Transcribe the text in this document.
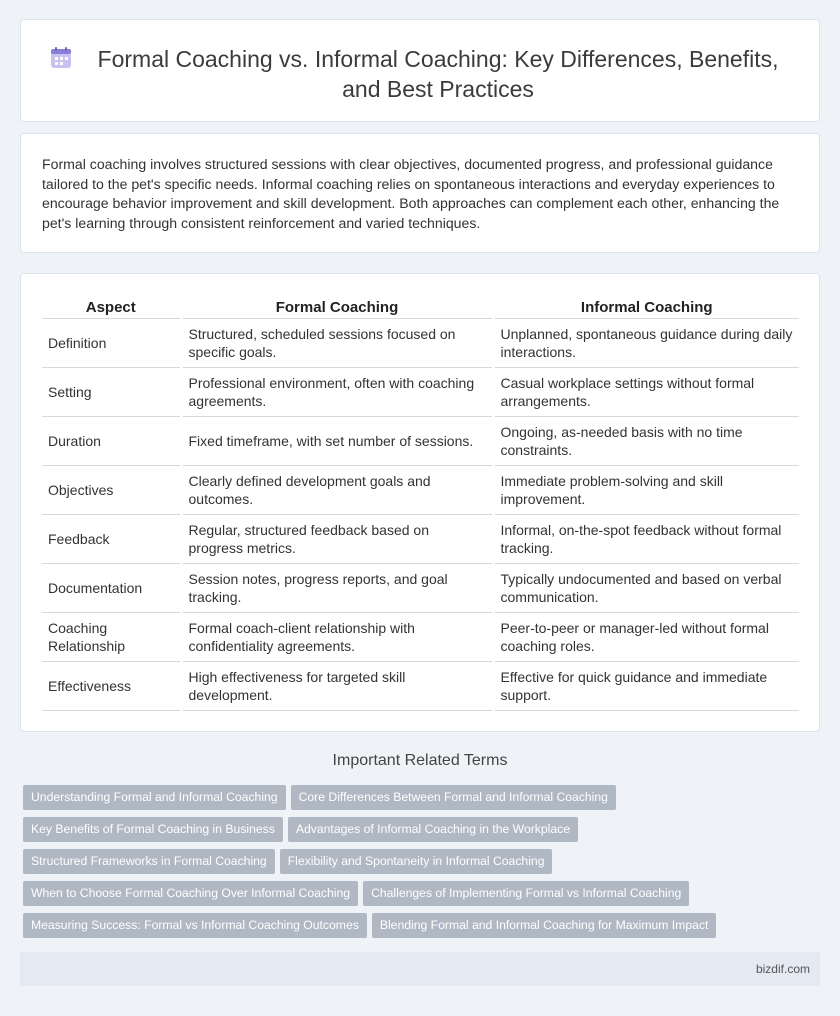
Formal Coaching vs. Informal Coaching: Key Differences, Benefits, and Best Practices

Formal coaching involves structured sessions with clear objectives, documented progress, and professional guidance tailored to the pet's specific needs. Informal coaching relies on spontaneous interactions and everyday experiences to encourage behavior improvement and skill development. Both approaches can complement each other, enhancing the pet's learning through consistent reinforcement and varied techniques.

Aspect	Formal Coaching	Informal Coaching
Definition	Structured, scheduled sessions focused on specific goals.	Unplanned, spontaneous guidance during daily interactions.
Setting	Professional environment, often with coaching agreements.	Casual workplace settings without formal arrangements.
Duration	Fixed timeframe, with set number of sessions.	Ongoing, as-needed basis with no time constraints.
Objectives	Clearly defined development goals and outcomes.	Immediate problem-solving and skill improvement.
Feedback	Regular, structured feedback based on progress metrics.	Informal, on-the-spot feedback without formal tracking.
Documentation	Session notes, progress reports, and goal tracking.	Typically undocumented and based on verbal communication.
Coaching Relationship	Formal coach-client relationship with confidentiality agreements.	Peer-to-peer or manager-led without formal coaching roles.
Effectiveness	High effectiveness for targeted skill development.	Effective for quick guidance and immediate support.
Important Related Terms
Understanding Formal and Informal Coaching Core Differences Between Formal and Informal Coaching
Key Benefits of Formal Coaching in Business Advantages of Informal Coaching in the Workplace
Structured Frameworks in Formal Coaching Flexibility and Spontaneity in Informal Coaching
When to Choose Formal Coaching Over Informal Coaching Challenges of Implementing Formal vs Informal Coaching
Measuring Success: Formal vs Informal Coaching Outcomes Blending Formal and Informal Coaching for Maximum Impact
bizdif.com
